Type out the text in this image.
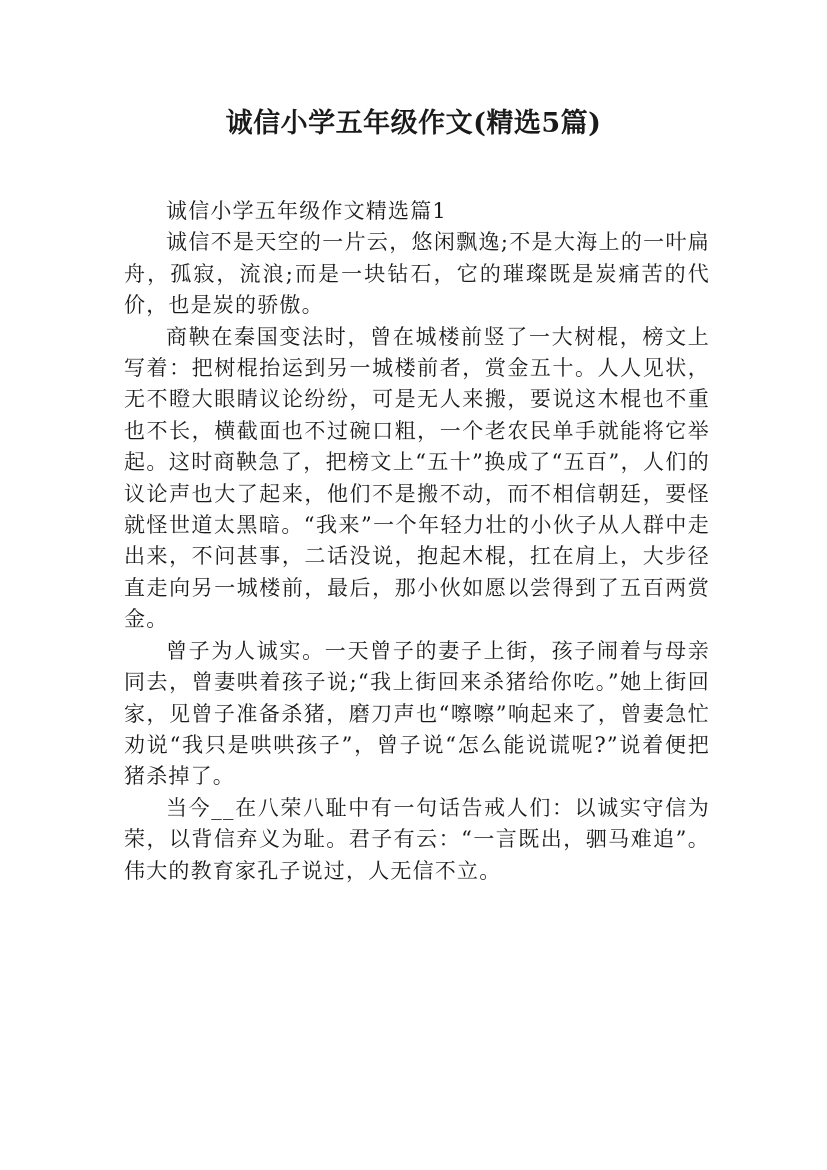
诚信小学五年级作文(精选5篇)

诚信小学五年级作文精选篇1

诚信不是天空的一片云，悠闲飘逸;不是大海上的一叶扁舟，孤寂，流浪;而是一块钻石，它的璀璨既是炭痛苦的代价，也是炭的骄傲。

商鞅在秦国变法时，曾在城楼前竖了一大树棍，榜文上写着：把树棍抬运到另一城楼前者，赏金五十。人人见状，无不瞪大眼睛议论纷纷，可是无人来搬，要说这木棍也不重也不长，横截面也不过碗口粗，一个老农民单手就能将它举起。这时商鞅急了，把榜文上“五十”换成了“五百”，人们的议论声也大了起来，他们不是搬不动，而不相信朝廷，要怪就怪世道太黑暗。“我来”一个年轻力壮的小伙子从人群中走出来，不问甚事，二话没说，抱起木棍，扛在肩上，大步径直走向另一城楼前，最后，那小伙如愿以尝得到了五百两赏金。

曾子为人诚实。一天曾子的妻子上街，孩子闹着与母亲同去，曾妻哄着孩子说;“我上街回来杀猪给你吃。”她上街回家，见曾子准备杀猪，磨刀声也“嚓嚓”响起来了，曾妻急忙劝说“我只是哄哄孩子”，曾子说“怎么能说谎呢?”说着便把猪杀掉了。

当今__在八荣八耻中有一句话告戒人们：以诚实守信为荣，以背信弃义为耻。君子有云：“一言既出，驷马难追”。伟大的教育家孔子说过，人无信不立。
